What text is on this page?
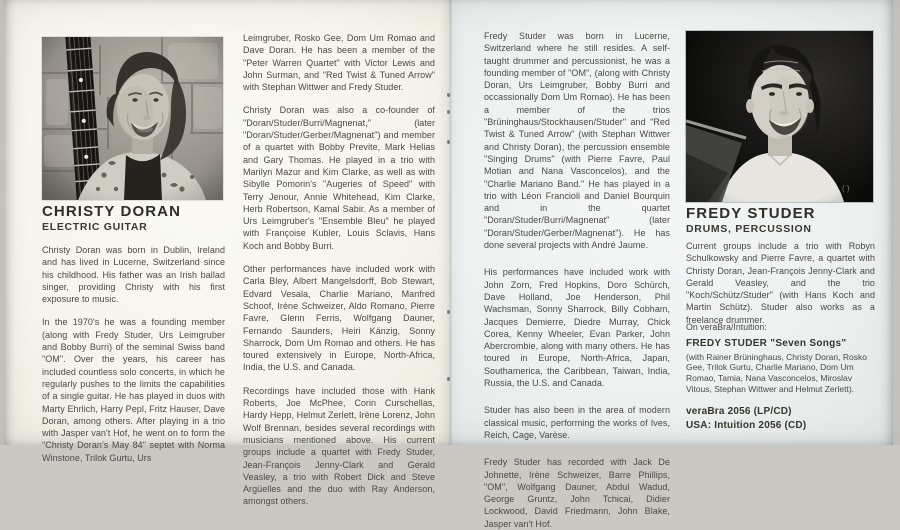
CHRISTY DORAN
ELECTRIC GUITAR

Christy Doran was born in Dublin, Ireland and has lived in Lucerne, Switzerland since his childhood. His father was an Irish ballad singer, providing Christy with his first exposure to music.

In the 1970's he was a founding member (along with Fredy Studer, Urs Leimgruber and Bobby Burri) of the seminal Swiss band "OM". Over the years, his career has included countless solo concerts, in which he regularly pushes to the limits the capabilities of a single guitar. He has played in duos with Marty Ehrlich, Harry Pepl, Fritz Hauser, Dave Doran, among others. After playing in a trio with Jasper van't Hof, he went on to form the "Christy Doran's May 84" septet with Norma Winstone, Trilok Gurtu, Urs

Leimgruber, Rosko Gee, Dom Um Romao and Dave Doran. He has been a member of the "Peter Warren Quartet" with Victor Lewis and John Surman, and "Red Twist & Tuned Arrow" with Stephan Wittwer and Fredy Studer.

Christy Doran was also a co-founder of "Doran/Studer/Burri/Magnenat," (later "Doran/Studer/Gerber/Magnenat") and member of a quartet with Bobby Previte, Mark Helias and Gary Thomas. He played in a trio with Marilyn Mazur and Kim Clarke, as well as with Sibylle Pomorin's "Augeries of Speed" with Terry Jenour, Annie Whitehead, Kim Clarke, Herb Robertson, Kamal Sabir. As a member of Urs Leimgruber's "Ensemble Bleu" he played with Françoise Kubler, Louis Sclavis, Hans Koch and Bobby Burri.

Other performances have included work with Carla Bley, Albert Mangelsdorff, Bob Stewart, Edvard Vesala, Charlie Mariano, Manfred Schoof, Irène Schweizer, Aldo Romano, Pierre Favre, Glenn Ferris, Wolfgang Dauner, Fernando Saunders, Heiri Känzig, Sonny Sharrock, Dom Um Romao and others. He has toured extensively in Europe, North-Africa, India, the U.S. and Canada.

Recordings have included those with Hank Roberts, Joe McPhee, Corin Curschellas, Hardy Hepp, Helmut Zerlett, Irène Lorenz, John Wolf Brennan, besides several recordings with musicians mentioned above. His current groups include a quartet with Fredy Studer, Jean-François Jenny-Clark and Gerald Veasley, a trio with Robert Dick and Steve Argüelles and the duo with Ray Anderson, amongst others.

Fredy Studer was born in Lucerne, Switzerland where he still resides. A self-taught drummer and percussionist, he was a founding member of "OM", (along with Christy Doran, Urs Leimgruber, Bobby Burri and occassionally Dom Um Romao). He has been a member of the trios "Brüninghaus/Stockhausen/Studer" and "Red Twist & Tuned Arrow" (with Stephan Wittwer and Christy Doran), the percussion ensemble "Singing Drums" (with Pierre Favre, Paul Motian and Nana Vasconcelos), and the "Charlie Mariano Band." He has played in a trio with Léon Francioli and Daniel Bourquin and in the quartet "Doran/Studer/Burri/Magnenat" (later "Doran/Studer/Gerber/Magnenat"). He has done several projects with André Jaume.

His performances have included work with John Zorn, Fred Hopkins, Doro Schürch, Dave Holland, Joe Henderson, Phil Wachsman, Sonny Sharrock, Billy Cobham, Jacques Demierre, Diedre Murray, Chick Corea, Kenny Wheeler, Evan Parker, John Abercrombie, along with many others. He has toured in Europe, North-Africa, Japan, Southamerica, the Caribbean, Taiwan, India, Russia, the U.S. and Canada.

Studer has also been in the area of modern classical music, performing the works of Ives, Reich, Cage, Varèse.

Fredy Studer has recorded with Jack De Johnette, Irène Schweizer, Barre Phillips, "OM", Wolfgang Dauner, Abdul Wadud, George Gruntz, John Tchicai, Didier Lockwood, David Friedmann, John Blake, Jasper van't Hof.

FREDY STUDER
DRUMS, PERCUSSION

Current groups include a trio with Robyn Schulkowsky and Pierre Favre, a quartet with Christy Doran, Jean-François Jenny-Clark and Gerald Veasley, and the trio "Koch/Schütz/Studer" (with Hans Koch and Martin Schütz). Studer also works as a freelance drummer.

On veraBra/Intuition:

FREDY STUDER "Seven Songs"

(with Rainer Brüninghaus, Christy Doran, Rosko Gee, Trilok Gurtu, Charlie Mariano, Dom Um Romao, Tamia, Nana Vasconcelos, Miroslav Vitous, Stephan Wittwer and Helmut Zerlett).

veraBra 2056 (LP/CD)

USA: Intuition 2056 (CD)
